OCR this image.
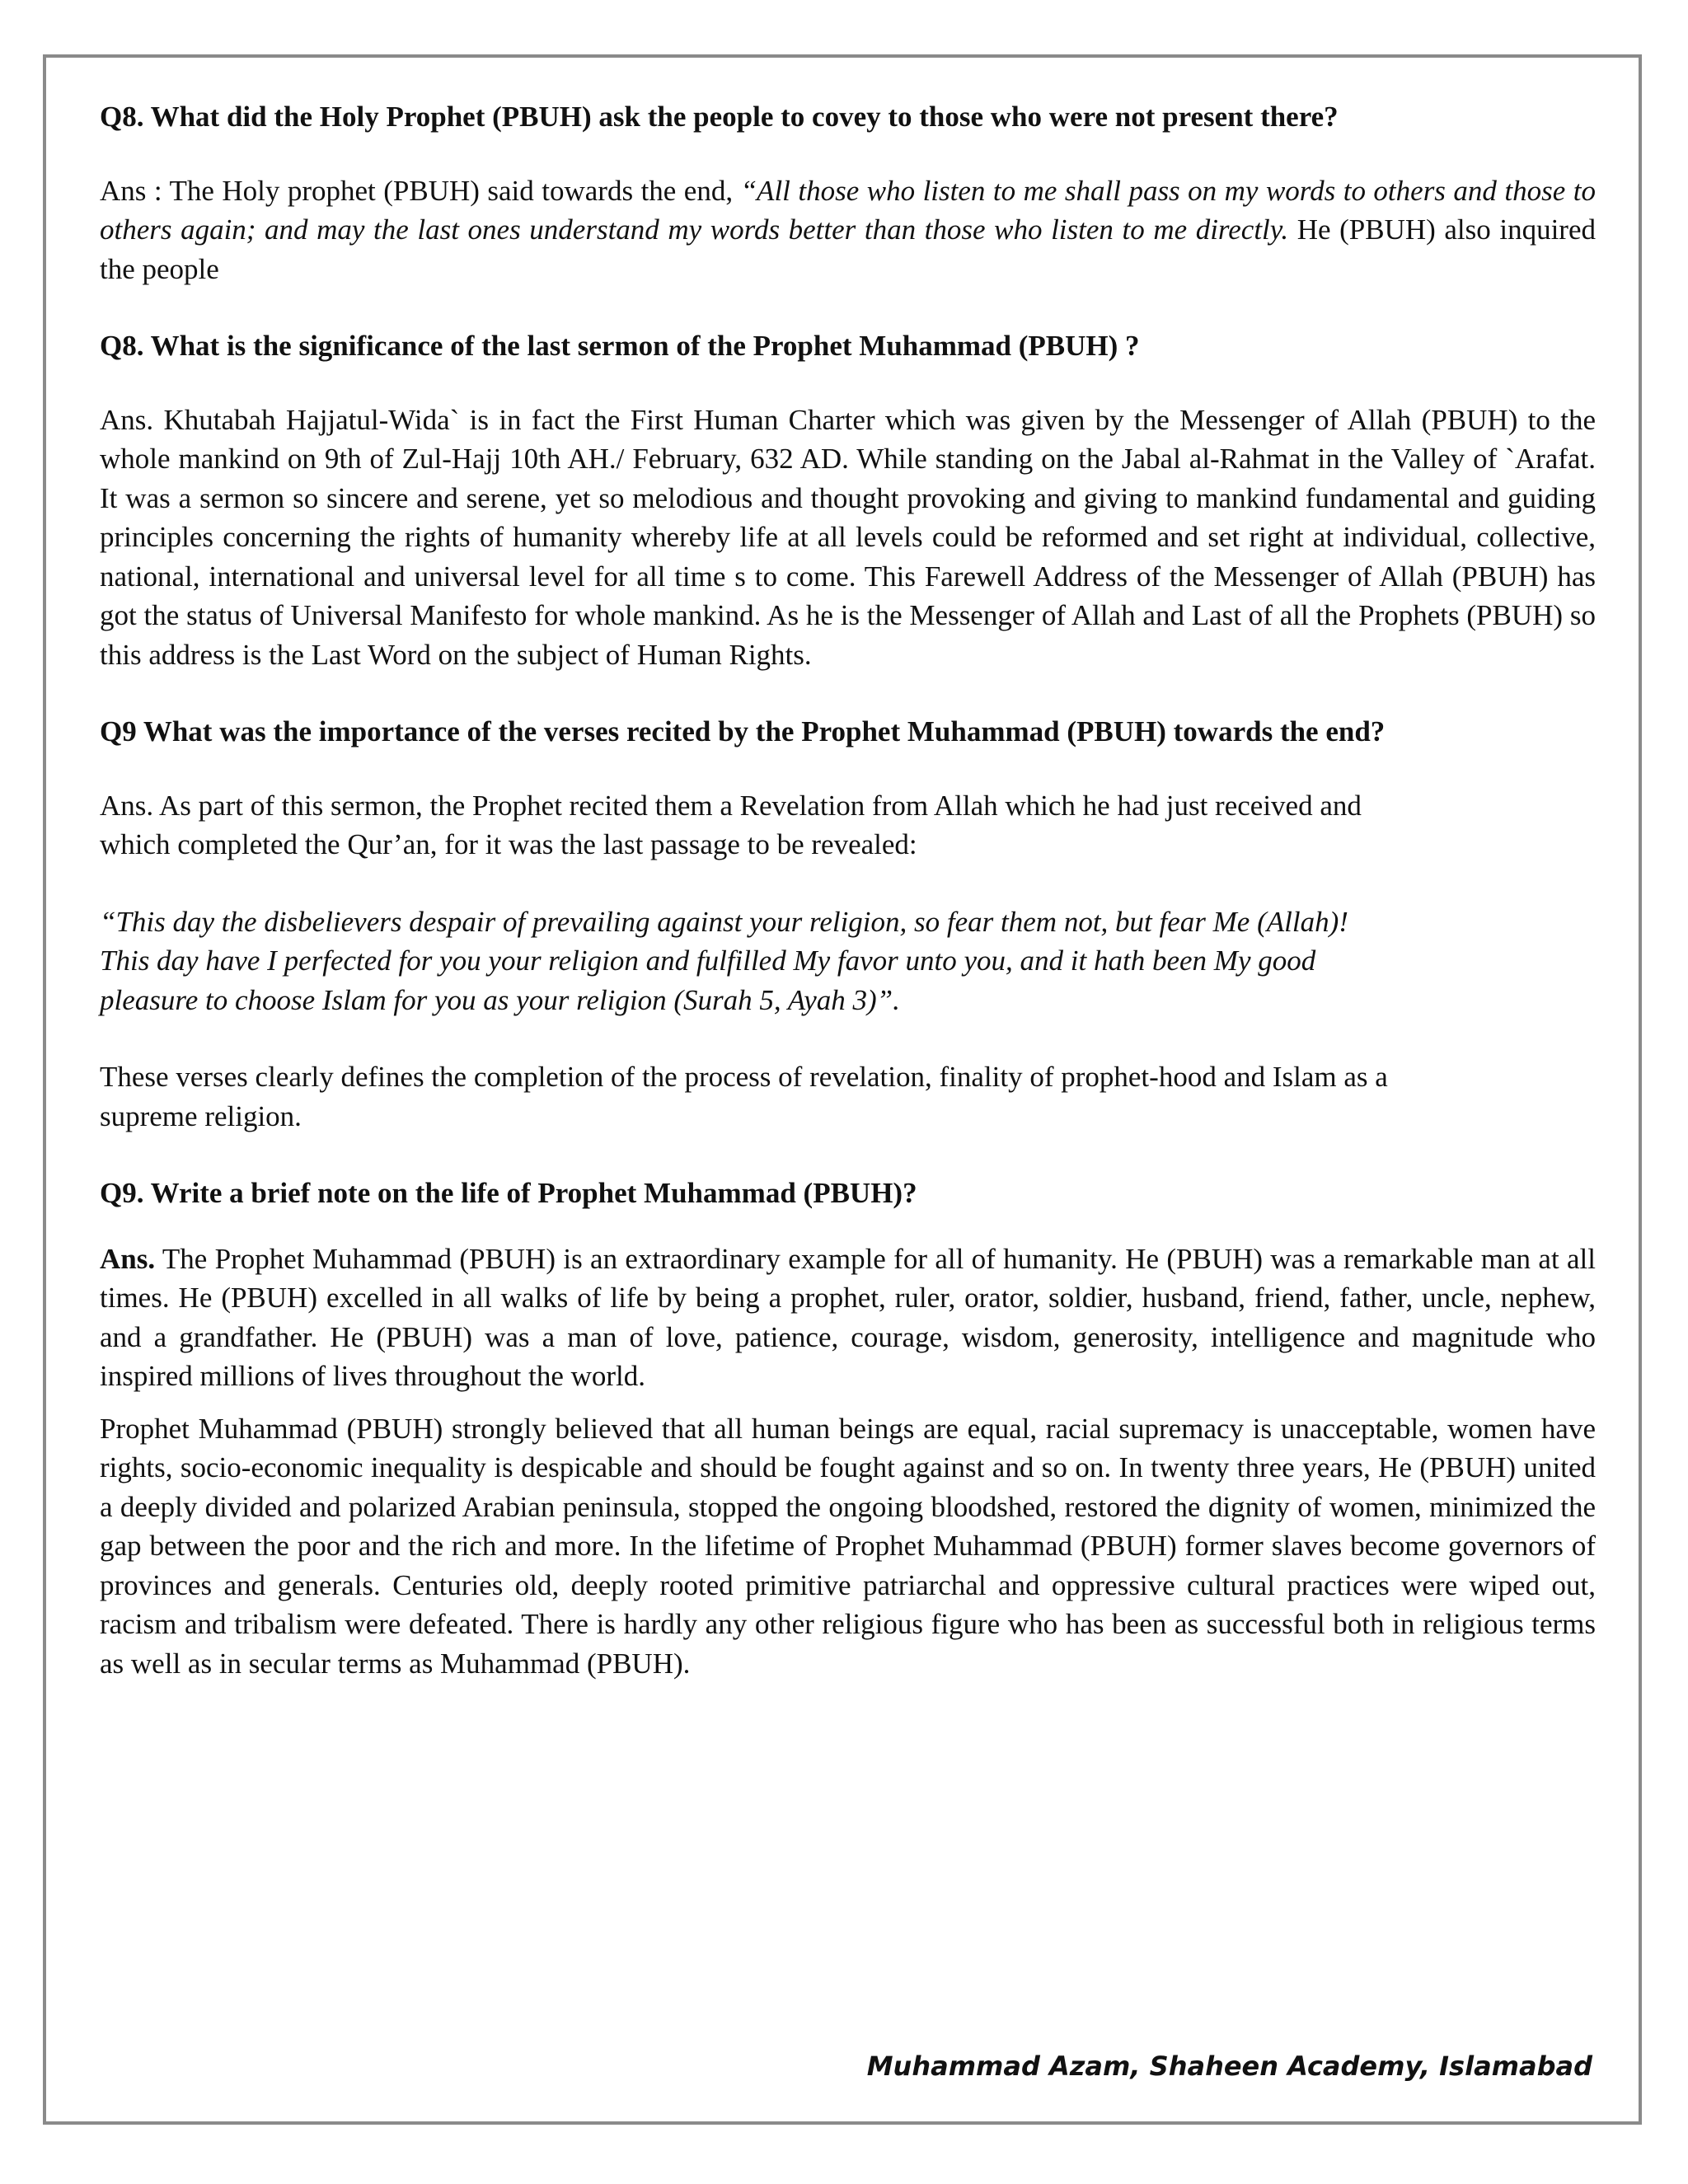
Q8. What did the Holy Prophet (PBUH) ask the people to covey to those who were not present there?

Ans : The Holy prophet (PBUH) said towards the end, “All those who listen to me shall pass on my words to others and those to others again; and may the last ones understand my words better than those who listen to me directly. He (PBUH) also inquired the people

Q8. What is the significance of the last sermon of the Prophet Muhammad (PBUH) ?

Ans. Khutabah Hajjatul-Wida` is in fact the First Human Charter which was given by the Messenger of Allah (PBUH) to the whole mankind on 9th of Zul-Hajj 10th AH./ February, 632 AD. While standing on the Jabal al-Rahmat in the Valley of `Arafat. It was a sermon so sincere and serene, yet so melodious and thought provoking and giving to mankind fundamental and guiding principles concerning the rights of humanity whereby life at all levels could be reformed and set right at individual, collective, national, international and universal level for all time s to come. This Farewell Address of the Messenger of Allah (PBUH) has got the status of Universal Manifesto for whole mankind. As he is the Messenger of Allah and Last of all the Prophets (PBUH) so this address is the Last Word on the subject of Human Rights.

Q9 What was the importance of the verses recited by the Prophet Muhammad (PBUH) towards the end?

Ans. As part of this sermon, the Prophet recited them a Revelation from Allah which he had just received and

which completed the Qur’an, for it was the last passage to be revealed:

“This day the disbelievers despair of prevailing against your religion, so fear them not, but fear Me (Allah)!

This day have I perfected for you your religion and fulfilled My favor unto you, and it hath been My good

pleasure to choose Islam for you as your religion (Surah 5, Ayah 3)”.

These verses clearly defines the completion of the process of revelation, finality of prophet-hood and Islam as a

supreme religion.

Q9. Write a brief note on the life of Prophet Muhammad (PBUH)?

Ans. The Prophet Muhammad (PBUH) is an extraordinary example for all of humanity. He (PBUH) was a remarkable man at all times. He (PBUH) excelled in all walks of life by being a prophet, ruler, orator, soldier, husband, friend, father, uncle, nephew, and a grandfather. He (PBUH) was a man of love, patience, courage, wisdom, generosity, intelligence and magnitude who inspired millions of lives throughout the world.

Prophet Muhammad (PBUH) strongly believed that all human beings are equal, racial supremacy is unacceptable, women have rights, socio-economic inequality is despicable and should be fought against and so on. In twenty three years, He (PBUH) united a deeply divided and polarized Arabian peninsula, stopped the ongoing bloodshed, restored the dignity of women, minimized the gap between the poor and the rich and more. In the lifetime of Prophet Muhammad (PBUH) former slaves become governors of provinces and generals. Centuries old, deeply rooted primitive patriarchal and oppressive cultural practices were wiped out, racism and tribalism were defeated. There is hardly any other religious figure who has been as successful both in religious terms as well as in secular terms as Muhammad (PBUH).

Muhammad Azam, Shaheen Academy, Islamabad
